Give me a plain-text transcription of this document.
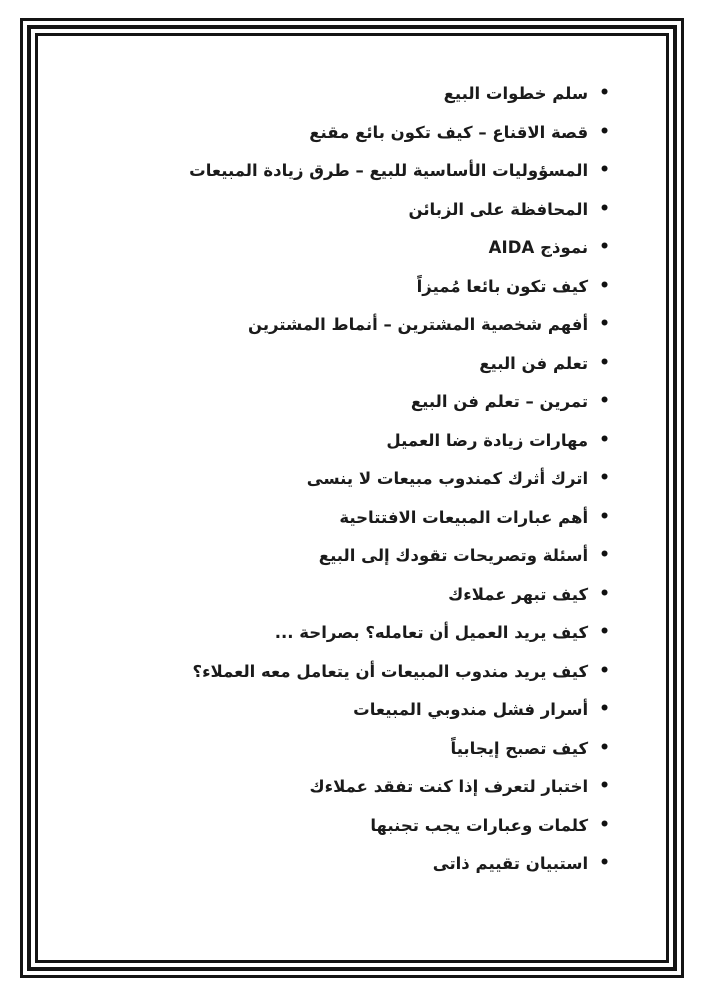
•سلم خطوات البيع
•قصة الاقناع – كيف تكون بائع مقنع
•المسؤوليات الأساسية للبيع – طرق زيادة المبيعات
•المحافظة على الزبائن
•نموذج AIDA
•كيف تكون بائعا مُميزاً
•أفهم شخصية المشترين – أنماط المشترين
•تعلم فن البيع
•تمرين – تعلم فن البيع
•مهارات زيادة رضا العميل
•اترك أثرك كمندوب مبيعات لا ينسى
•أهم عبارات المبيعات الافتتاحية
•أسئلة وتصريحات تقودك إلى البيع
•كيف تبهر عملاءك
•كيف يريد العميل أن تعامله؟ بصراحة ...
•كيف يريد مندوب المبيعات أن يتعامل معه العملاء؟
•أسرار فشل مندوبي المبيعات
•كيف تصبح إيجابياً
•اختبار لتعرف إذا كنت تفقد عملاءك
•كلمات وعبارات يجب تجنبها
•استبيان تقييم ذاتى
